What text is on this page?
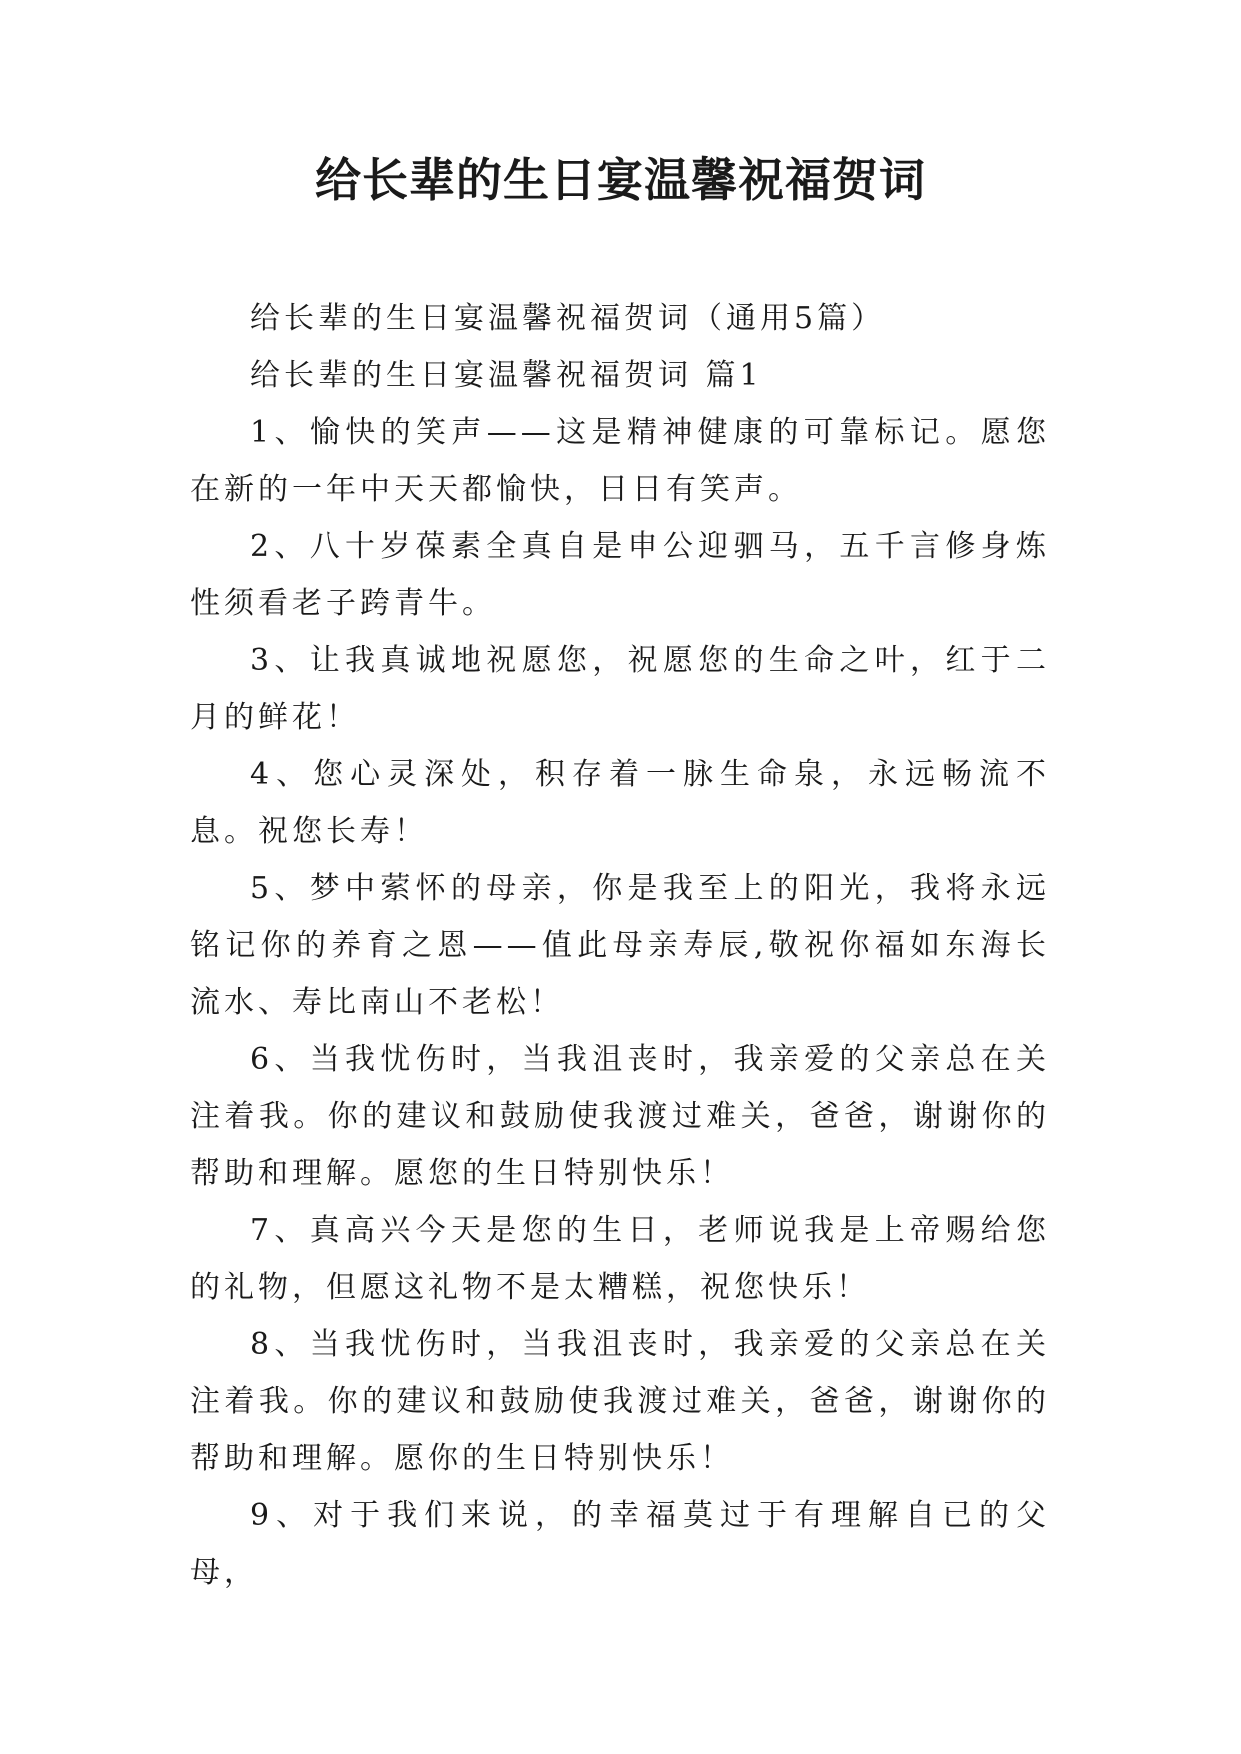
给长辈的生日宴温馨祝福贺词

给长辈的生日宴温馨祝福贺词（通用5篇）

给长辈的生日宴温馨祝福贺词 篇1

1、愉快的笑声——这是精神健康的可靠标记。愿您在新的一年中天天都愉快，日日有笑声。

2、八十岁葆素全真自是申公迎驷马，五千言修身炼性须看老子跨青牛。

3、让我真诚地祝愿您，祝愿您的生命之叶，红于二月的鲜花！

4、您心灵深处，积存着一脉生命泉，永远畅流不息。祝您长寿！

5、梦中萦怀的母亲，你是我至上的阳光，我将永远铭记你的养育之恩——值此母亲寿辰,敬祝你福如东海长流水、寿比南山不老松！

6、当我忧伤时，当我沮丧时，我亲爱的父亲总在关注着我。你的建议和鼓励使我渡过难关，爸爸，谢谢你的帮助和理解。愿您的生日特别快乐！

7、真高兴今天是您的生日，老师说我是上帝赐给您的礼物，但愿这礼物不是太糟糕，祝您快乐！

8、当我忧伤时，当我沮丧时，我亲爱的父亲总在关注着我。你的建议和鼓励使我渡过难关，爸爸，谢谢你的帮助和理解。愿你的生日特别快乐！

9、对于我们来说，的幸福莫过于有理解自已的父母，
